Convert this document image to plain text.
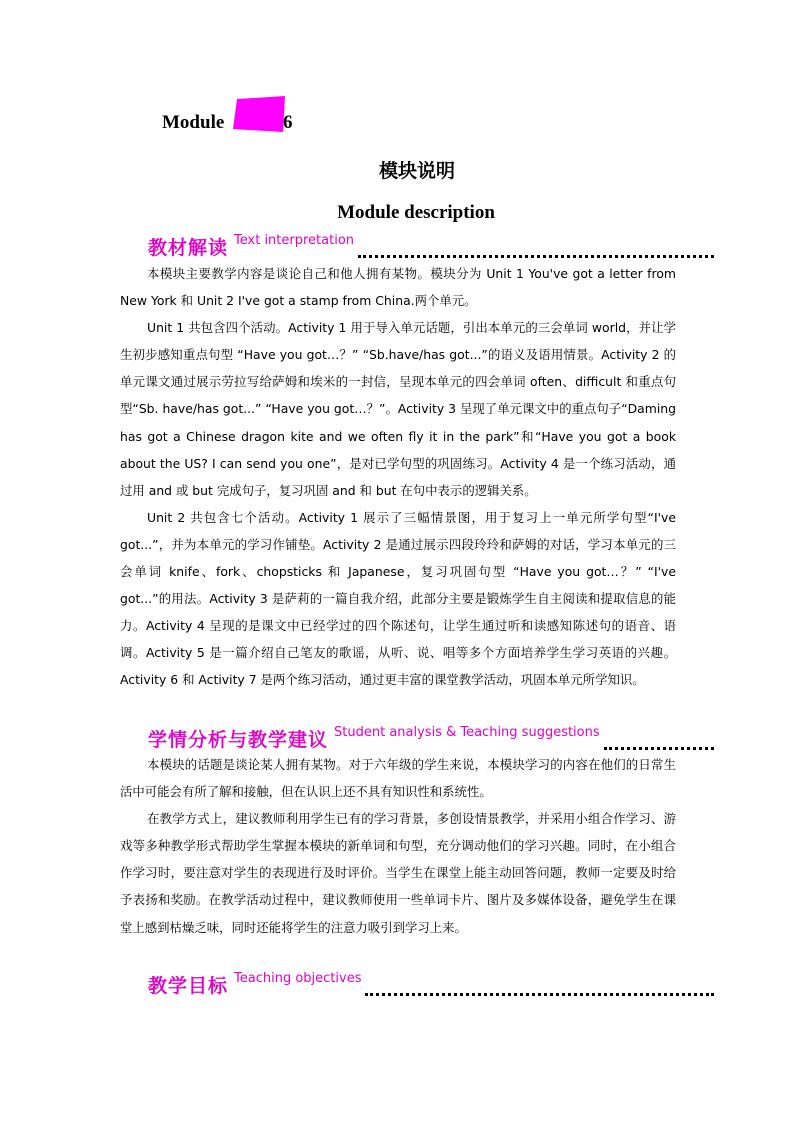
Module	6
模块说明
Module description
教材解读 Text interpretation

本模块主要教学内容是谈论自己和他人拥有某物。模块分为 Unit 1 You've got a letter from New York 和 Unit 2 I've got a stamp from China.两个单元。

Unit 1 共包含四个活动。Activity 1 用于导入单元话题，引出本单元的三会单词 world，并让学生初步感知重点句型 “Have you got…？” “Sb.have/has got...”的语义及语用情景。Activity 2 的单元课文通过展示劳拉写给萨姆和埃米的一封信，呈现本单元的四会单词 often、difficult 和重点句型“Sb. have/has got...” “Have you got…？”。Activity 3 呈现了单元课文中的重点句子“Daming has got a Chinese dragon kite and we often fly it in the park”和“Have you got a book about the US? I can send you one”，是对已学句型的巩固练习。Activity 4 是一个练习活动，通过用 and 或 but 完成句子，复习巩固 and 和 but 在句中表示的逻辑关系。

Unit 2 共包含七个活动。Activity 1 展示了三幅情景图，用于复习上一单元所学句型“I've got...”，并为本单元的学习作铺垫。Activity 2 是通过展示四段玲玲和萨姆的对话，学习本单元的三会单词 knife、fork、chopsticks 和 Japanese，复习巩固句型 “Have you got…？” “I've got...”的用法。Activity 3 是萨莉的一篇自我介绍，此部分主要是锻炼学生自主阅读和提取信息的能力。Activity 4 呈现的是课文中已经学过的四个陈述句，让学生通过听和读感知陈述句的语音、语调。Activity 5 是一篇介绍自己笔友的歌谣，从听、说、唱等多个方面培养学生学习英语的兴趣。Activity 6 和 Activity 7 是两个练习活动，通过更丰富的课堂教学活动，巩固本单元所学知识。

学情分析与教学建议 Student analysis & Teaching suggestions

本模块的话题是谈论某人拥有某物。对于六年级的学生来说，本模块学习的内容在他们的日常生活中可能会有所了解和接触，但在认识上还不具有知识性和系统性。

在教学方式上，建议教师利用学生已有的学习背景，多创设情景教学，并采用小组合作学习、游戏等多种教学形式帮助学生掌握本模块的新单词和句型，充分调动他们的学习兴趣。同时，在小组合作学习时，要注意对学生的表现进行及时评价。当学生在课堂上能主动回答问题，教师一定要及时给予表扬和奖励。在教学活动过程中，建议教师使用一些单词卡片、图片及多媒体设备，避免学生在课堂上感到枯燥乏味，同时还能将学生的注意力吸引到学习上来。

教学目标 Teaching objectives
